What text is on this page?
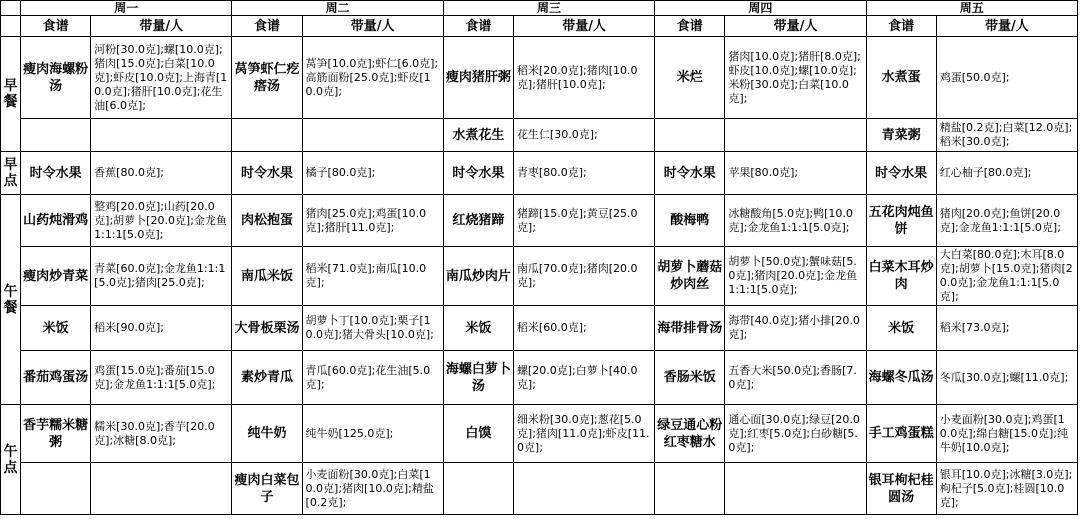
	周一		周二		周三		周四		周五	
	食谱	带量/人	食谱	带量/人	食谱	带量/人	食谱	带量/人	食谱	带量/人

早
餐	瘦肉海螺粉汤	河粉[30.0克];螺[10.0克];猪肉[15.0克];白菜[10.0克];虾皮[10.0克];上海青[10.0克];猪肝[10.0克];花生油[6.0克];	莴笋虾仁疙瘩汤	莴笋[10.0克];虾仁[6.0克];高筋面粉[25.0克];虾皮[10.0克];	瘦肉猪肝粥	稻米[20.0克];猪肉[10.0克];猪肝[10.0克];	米烂	猪肉[10.0克];猪肝[8.0克];虾皮[10.0克];螺[10.0克];米粉[30.0克];白菜[10.0克];	水煮蛋	鸡蛋[50.0克];
					水煮花生	花生仁[30.0克];			青菜粥	精盐[0.2克];白菜[12.0克];稻米[30.0克];

早
点	时令水果	香蕉[80.0克];	时令水果	橘子[80.0克];	时令水果	青枣[80.0克];	时令水果	苹果[80.0克];	时令水果	红心柚子[80.0克];

午
餐	山药炖滑鸡	整鸡[20.0克];山药[20.0克];胡萝卜[20.0克];金龙鱼1:1:1[5.0克];	肉松抱蛋	猪肉[25.0克];鸡蛋[10.0克];猪肝[11.0克];	红烧猪蹄	猪蹄[15.0克];黄豆[25.0克];	酸梅鸭	冰糖酸角[5.0克];鸭[10.0克];金龙鱼1:1:1[5.0克];	五花肉炖鱼饼	猪肉[20.0克];鱼饼[20.0克];金龙鱼1:1:1[5.0克];
	瘦肉炒青菜	青菜[60.0克];金龙鱼1:1:1[5.0克];猪肉[25.0克];	南瓜米饭	稻米[71.0克];南瓜[10.0克];	南瓜炒肉片	南瓜[70.0克];猪肉[20.0克];	胡萝卜蘑菇炒肉丝	胡萝卜[50.0克];蟹味菇[5.0克];猪肉[20.0克];金龙鱼1:1:1[5.0克];	白菜木耳炒肉	大白菜[80.0克];木耳[8.0克];胡萝卜[15.0克];猪肉[20.0克];金龙鱼1:1:1[5.0克];
	米饭	稻米[90.0克];	大骨板栗汤	胡萝卜丁[10.0克];栗子[10.0克];猪大骨头[10.0克];	米饭	稻米[60.0克];	海带排骨汤	海带[40.0克];猪小排[20.0克];	米饭	稻米[73.0克];
	番茄鸡蛋汤	鸡蛋[15.0克];番茄[15.0克];金龙鱼1:1:1[5.0克];	素炒青瓜	青瓜[60.0克];花生油[5.0克];	海螺白萝卜汤	螺[20.0克];白萝卜[40.0克];	香肠米饭	五香大米[50.0克];香肠[7.0克];	海螺冬瓜汤	冬瓜[30.0克];螺[11.0克];

午
点	香芋糯米糖粥	糯米[30.0克];香芋[20.0克];冰糖[8.0克];	纯牛奶	纯牛奶[125.0克];	白馍	细米粉[30.0克];葱花[5.0克];猪肉[11.0克];虾皮[11.0克];	绿豆通心粉红枣糖水	通心面[30.0克];绿豆[20.0克];红枣[5.0克];白砂糖[5.0克];	手工鸡蛋糕	小麦面粉[30.0克];鸡蛋[10.0克];绵白糖[15.0克];纯牛奶[10.0克];
			瘦肉白菜包子	小麦面粉[30.0克];白菜[10.0克];猪肉[10.0克];精盐[0.2克];					银耳枸杞桂圆汤	银耳[10.0克];冰糖[3.0克];枸杞子[5.0克];桂圆[10.0克];
